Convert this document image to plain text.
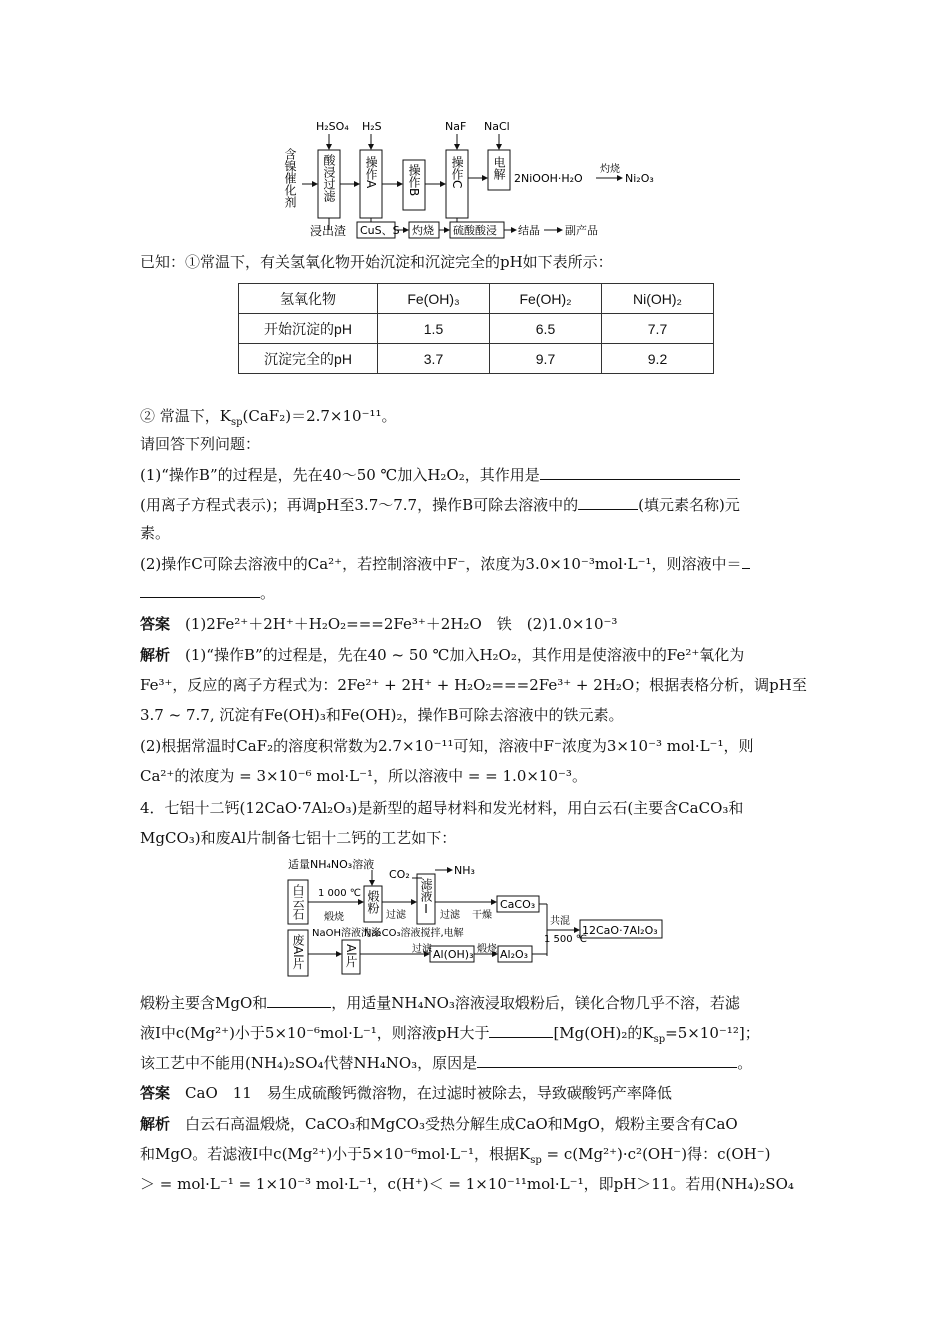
含镍催化剂
H₂SO₄ H₂S	NaF NaCl
酸浸过滤 操作A 操作B 操作C 电解 2NiOOH·H₂O
灼烧
Ni₂O₃
浸出渣 CuS、S 灼烧 硫酸酸浸 结晶 副产品
已知：①常温下，有关氢氧化物开始沉淀和沉淀完全的pH如下表所示：
氢氧化物	Fe(OH)₃	Fe(OH)₂	Ni(OH)₂
开始沉淀的pH	1.5	6.5	7.7
沉淀完全的pH	3.7	9.7	9.2
② 常温下，$K_{sp}(CaF_2)=2.7\times 10^{-11}$。
请回答下列问题：
(1)“操作B”的过程是，先在40～50 ℃加入H₂O₂，其作用是
(用离子方程式表示)；再调pH至3.7～7.7，操作B可除去溶液中的	(填元素名称)元
素。
(2)操作C可除去溶液中的Ca²⁺，若控制溶液中F⁻，浓度为3.0×10⁻³mol·L⁻¹，则溶液中＝
。
答案　 (1)2Fe²⁺＋2H⁺＋H₂O₂===2Fe³⁺＋2H₂O　铁　(2)1.0×10⁻³
解析　 (1)“操作B”的过程是，先在40 ~ 50 ℃加入H₂O₂，其作用是使溶液中的Fe²⁺氧化为
Fe³⁺，反应的离子方程式为：2Fe²⁺ + 2H⁺ + H₂O₂===2Fe³⁺ + 2H₂O；根据表格分析，调pH至
3.7 ~ 7.7, 沉淀有Fe(OH)₃和Fe(OH)₂，操作B可除去溶液中的铁元素。
(2)根据常温时CaF₂的溶度积常数为2.7×10⁻¹¹可知，溶液中F⁻浓度为3×10⁻³ mol·L⁻¹，则
Ca²⁺的浓度为 = 3×10⁻⁶ mol·L⁻¹，所以溶液中 = = 1.0×10⁻³。
4．七铝十二钙(12CaO·7Al₂O₃)是新型的超导材料和发光材料，用白云石(主要含CaCO₃和
MgCO₃)和废Al片制备七铝十二钙的工艺如下：
适量NH₄NO₃溶液
CO₂	NH₃
白云石 1 000 ℃
煅烧
煅粉
过滤 滤液Ⅰ 过滤 干燥
CaCO₃
共混
1 500 ℃
12CaO·7Al₂O₃
废Al片
NaOH溶液洗涤
Al片
Na₂CO₃溶液搅拌,电解
过滤 Al(OH)₃ 煅烧 Al₂O₃
煅粉主要含MgO和	，用适量NH₄NO₃溶液浸取煅粉后，镁化合物几乎不溶，若滤
液Ⅰ中c(Mg²⁺)小于5×10⁻⁶mol·L⁻¹，则溶液pH大于	[Mg(OH)₂的$K_{sp}=5\times 10^{-12}$]；
该工艺中不能用(NH₄)₂SO₄代替NH₄NO₃，原因是	。
答案　 CaO　11　易生成硫酸钙微溶物，在过滤时被除去，导致碳酸钙产率降低
解析　 白云石高温煅烧，CaCO₃和MgCO₃受热分解生成CaO和MgO，煅粉主要含有CaO
和MgO。若滤液Ⅰ中c(Mg²⁺)小于5×10⁻⁶mol·L⁻¹，根据$K_{sp} = c(Mg^{2+})\cdot c^2(OH^-)$得：c(OH⁻)
＞ = mol·L⁻¹ = 1×10⁻³ mol·L⁻¹，c(H⁺)＜ = 1×10⁻¹¹mol·L⁻¹，即pH＞11。若用(NH₄)₂SO₄
